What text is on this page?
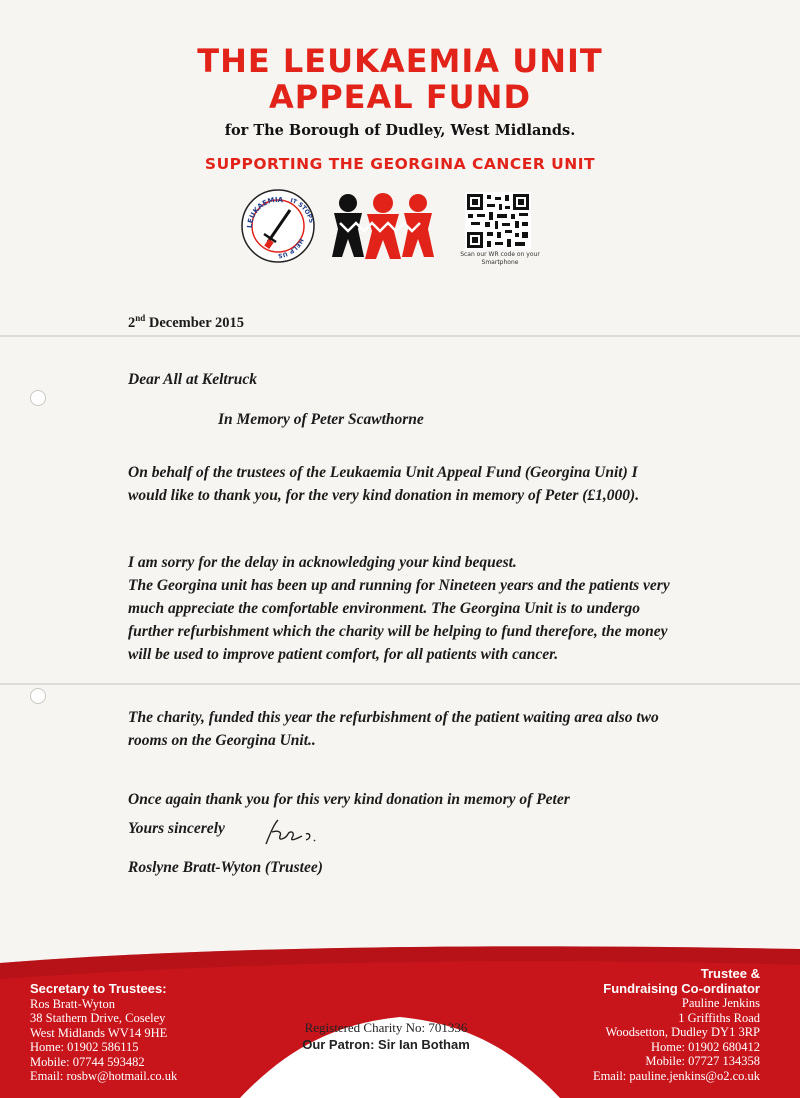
THE LEUKAEMIA UNIT
APPEAL FUND
for The Borough of Dudley, West Midlands.
SUPPORTING THE GEORGINA CANCER UNIT
LEUKAEMIA IT STOPS
HELP US	Scan our WR code on your Smartphone
2nd December 2015
Dear All at Keltruck
In Memory of Peter Scawthorne

On behalf of the trustees of the Leukaemia Unit Appeal Fund (Georgina Unit) I would like to thank you, for the very kind donation in memory of Peter (£1,000).

I am sorry for the delay in acknowledging your kind bequest.

The Georgina unit has been up and running for Nineteen years and the patients very much appreciate the comfortable environment. The Georgina Unit is to undergo further refurbishment which the charity will be helping to fund therefore, the money will be used to improve patient comfort, for all patients with cancer.

The charity, funded this year the refurbishment of the patient waiting area also two rooms on the Georgina Unit..

Once again thank you for this very kind donation in memory of Peter

Yours sincerely
Roslyne Bratt-Wyton (Trustee)
Secretary to Trustees:
Ros Bratt-Wyton
38 Stathern Drive, Coseley
West Midlands WV14 9HE
Home: 01902 586115
Mobile: 07744 593482
Email: rosbw@hotmail.co.uk
Registered Charity No: 701336
Our Patron: Sir Ian Botham
Trustee &
Fundraising Co-ordinator
Pauline Jenkins
1 Griffiths Road
Woodsetton, Dudley DY1 3RP
Home: 01902 680412
Mobile: 07727 134358
Email: pauline.jenkins@o2.co.uk
